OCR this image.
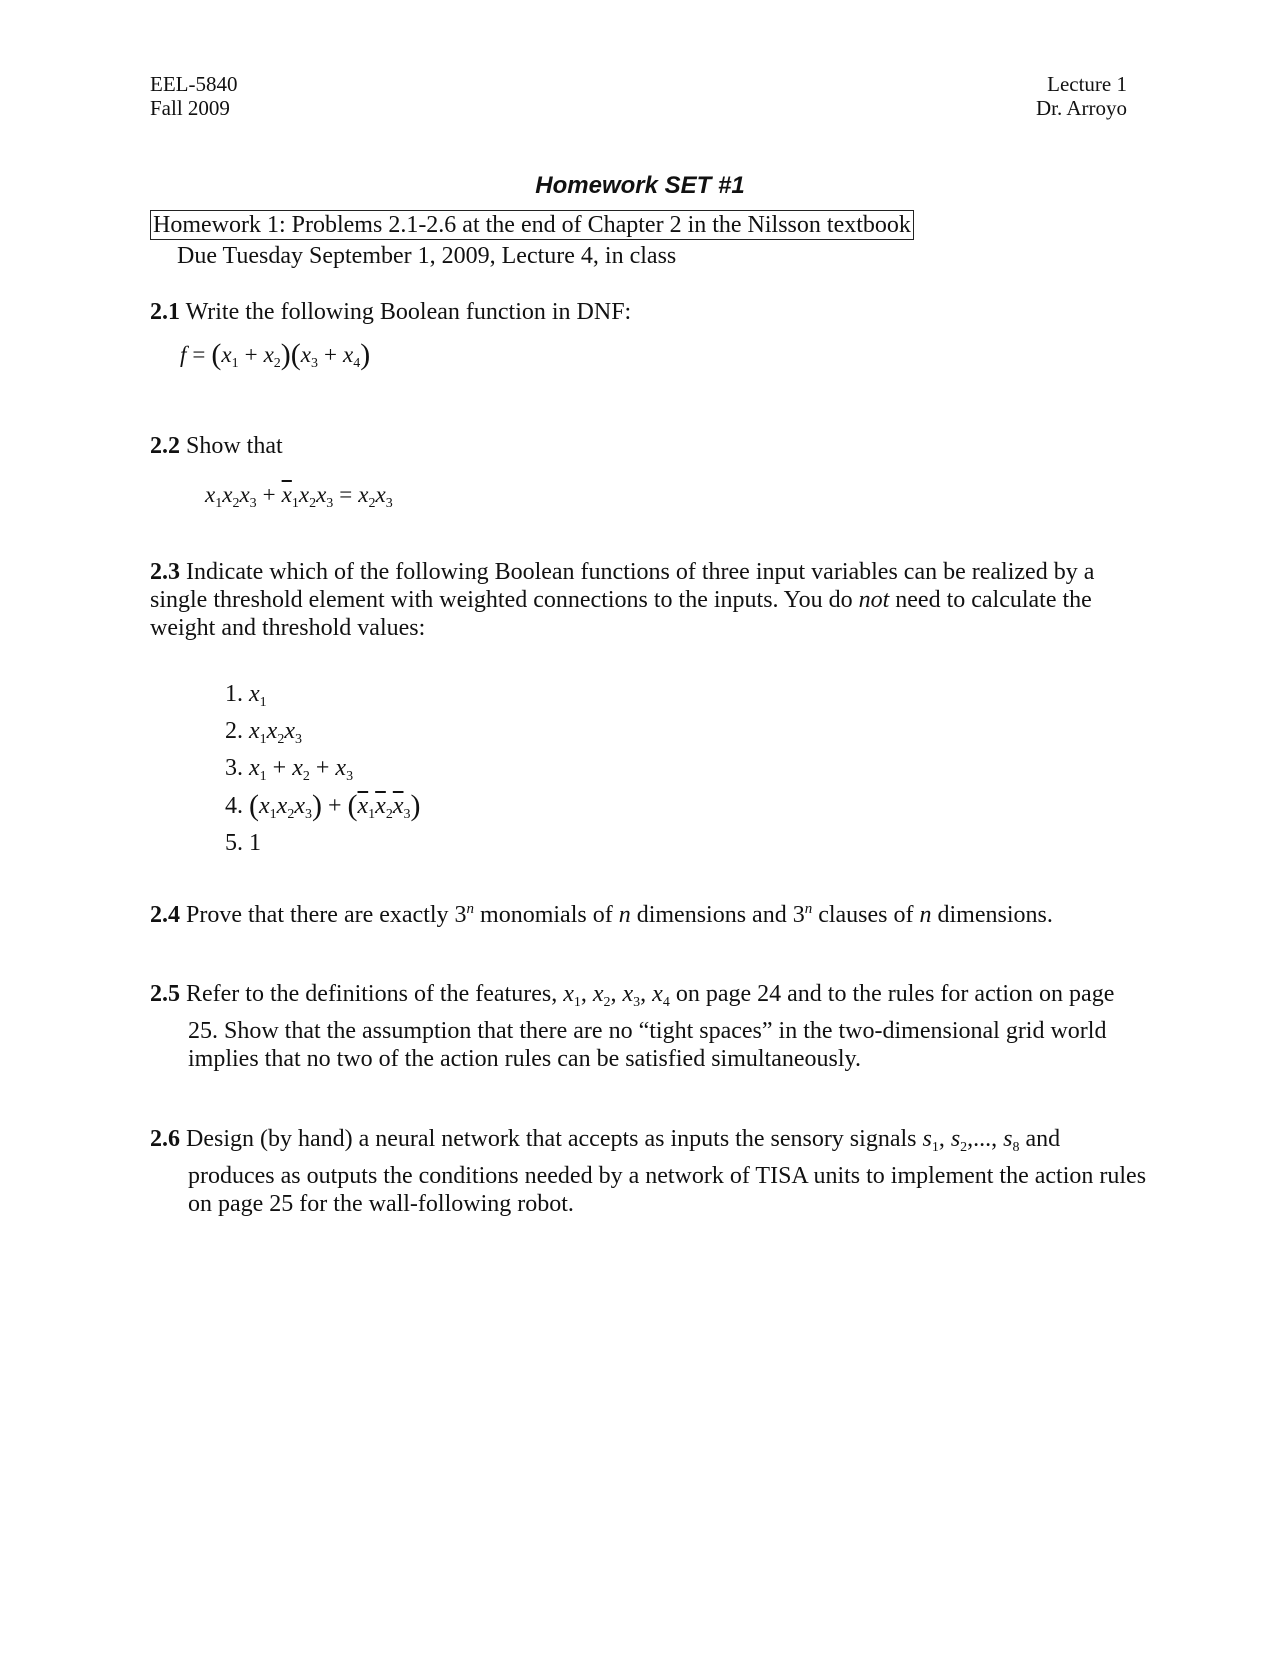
EEL-5840
Fall 2009
Lecture 1
Dr. Arroyo
Homework SET #1
Homework 1: Problems 2.1-2.6 at the end of Chapter 2 in the Nilsson textbook
Due Tuesday September 1, 2009, Lecture 4, in class
2.1 Write the following Boolean function in DNF:
$f = (x_1 + x_2)(x_3 + x_4)$
2.2 Show that
$x_1x_2x_3 + \overline{x}_1x_2x_3 = x_2x_3$
2.3 Indicate which of the following Boolean functions of three input variables can be realized by a single threshold element with weighted connections to the inputs. You do not need to calculate the weight and threshold values:
1. $x_1$
2. $x_1x_2x_3$
3. $x_1 + x_2 + x_3$
4. $(x_1x_2x_3) + (\overline{x}_1\overline{x}_2\overline{x}_3)$
5. 1
2.4 Prove that there are exactly 3$^n$ monomials of n dimensions and 3$^n$ clauses of n dimensions.
2.5 Refer to the definitions of the features, $x_1$, $x_2$, $x_3$, $x_4$ on page 24 and to the rules for action on page 25. Show that the assumption that there are no “tight spaces” in the two-dimensional grid world implies that no two of the action rules can be satisfied simultaneously.
2.6 Design (by hand) a neural network that accepts as inputs the sensory signals $s_1$, $s_2$,..., $s_8$ and produces as outputs the conditions needed by a network of TISA units to implement the action rules on page 25 for the wall-following robot.
